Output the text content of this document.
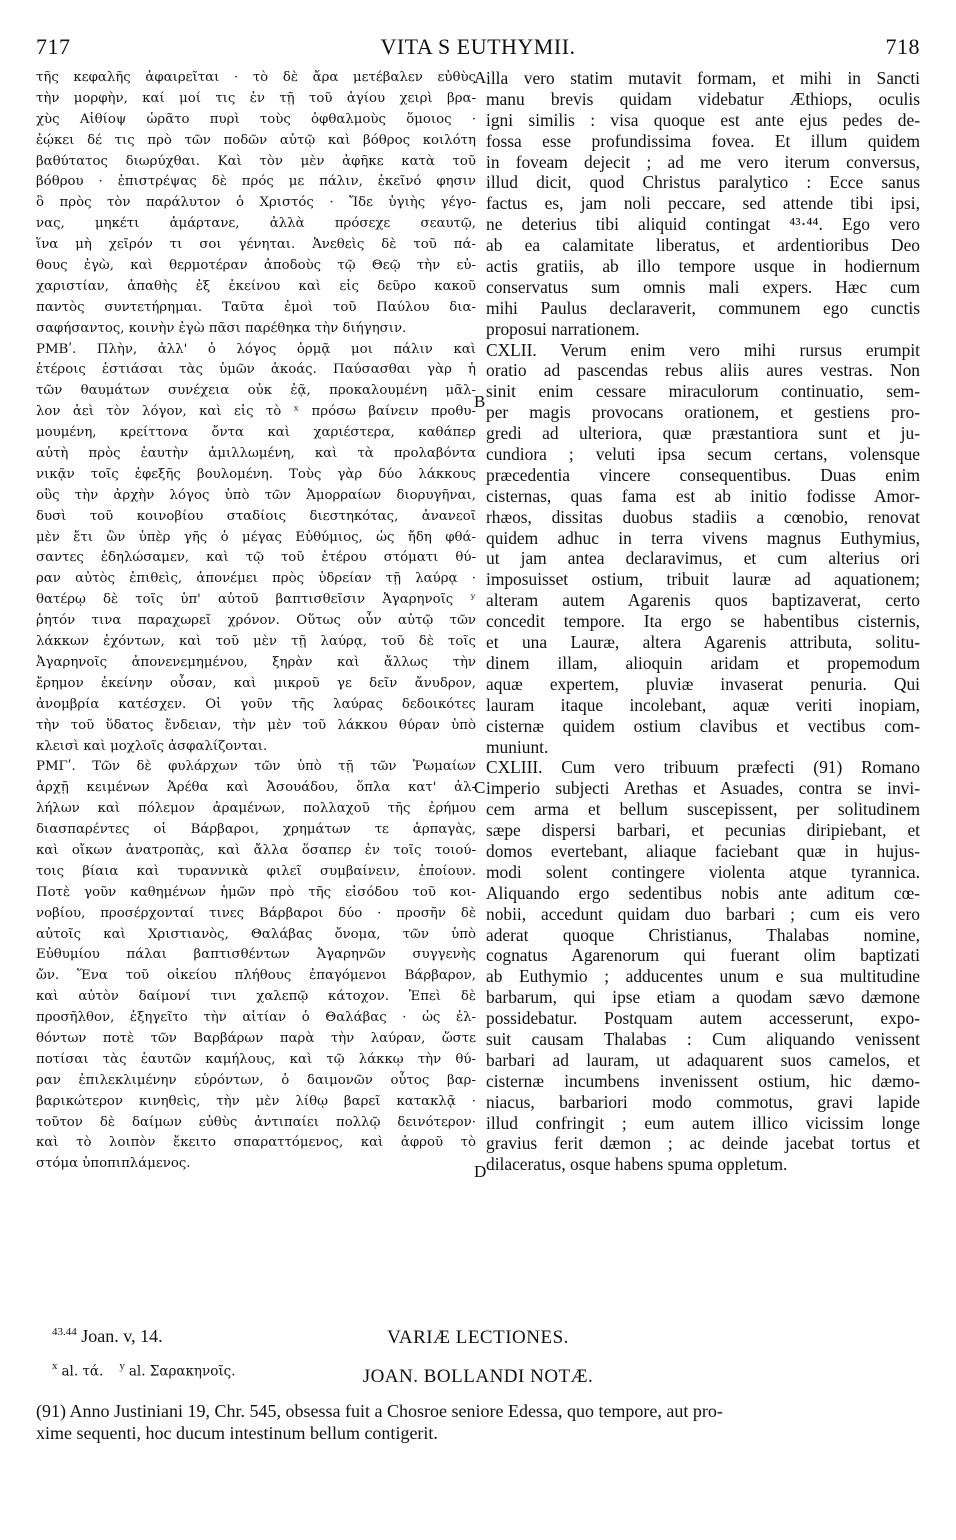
717	VITA S EUTHYMII.	718
τῆς κεφαλῆς ἀφαιρεῖται · τὸ δὲ ἄρα μετέβαλεν εὐθὺς
τὴν μορφὴν, καί μοί τις ἐν τῇ τοῦ ἁγίου χειρὶ βρα-
χὺς Αἰθίοψ ὡρᾶτο πυρὶ τοὺς ὀφθαλμοὺς ὅμοιος ·
ἐῴκει δέ τις πρὸ τῶν ποδῶν αὐτῷ καὶ βόθρος κοιλότη
βαθύτατος διωρύχθαι. Καὶ τὸν μὲν ἀφῆκε κατὰ τοῦ
βόθρου · ἐπιστρέψας δὲ πρός με πάλιν, ἐκεῖνό φησιν
ὃ πρὸς τὸν παράλυτον ὁ Χριστός · Ἴδε ὑγιὴς γέγο-
νας, μηκέτι ἁμάρτανε, ἀλλὰ πρόσεχε σεαυτῷ,
ἵνα μὴ χεῖρόν τι σοι γένηται. Ἀνεθεὶς δὲ τοῦ πά-
θους ἐγὼ, καὶ θερμοτέραν ἀποδοὺς τῷ Θεῷ τὴν εὐ-
χαριστίαν, ἀπαθὴς ἐξ ἐκείνου καὶ εἰς δεῦρο κακοῦ
παντὸς συντετήρημαι. Ταῦτα ἐμοὶ τοῦ Παύλου δια-
σαφήσαντος, κοινὴν ἐγὼ πᾶσι παρέθηκα τὴν διήγησιν.
ΡΜΒʹ. Πλὴν, ἀλλ' ὁ λόγος ὁρμᾷ μοι πάλιν καὶ
ἑτέροις ἑστιάσαι τὰς ὑμῶν ἀκοάς. Παύσασθαι γὰρ ἡ
τῶν θαυμάτων συνέχεια οὐκ ἐᾷ, προκαλουμένη μᾶλ-
λον ἀεὶ τὸν λόγον, καὶ εἰς τὸ ˣ πρόσω βαίνειν προθυ-
μουμένη, κρείττονα ὄντα καὶ χαριέστερα, καθάπερ
αὐτὴ πρὸς ἑαυτὴν ἁμιλλωμένη, καὶ τὰ προλαβόντα
νικᾷν τοῖς ἐφεξῆς βουλομένη. Τοὺς γὰρ δύο λάκκους
οὓς τὴν ἀρχὴν λόγος ὑπὸ τῶν Ἀμορραίων διορυγῆναι,
δυσὶ τοῦ κοινοβίου σταδίοις διεστηκότας, ἀνανεοῖ
μὲν ἔτι ὢν ὑπὲρ γῆς ὁ μέγας Εὐθύμιος, ὡς ἤδη φθά-
σαντες ἐδηλώσαμεν, καὶ τῷ τοῦ ἑτέρου στόματι θύ-
ραν αὐτὸς ἐπιθεὶς, ἀπονέμει πρὸς ὑδρείαν τῇ λαύρᾳ ·
θατέρῳ δὲ τοῖς ὑπ' αὐτοῦ βαπτισθεῖσιν Ἀγαρηνοῖς ʸ
ῥητόν τινα παραχωρεῖ χρόνον. Οὕτως οὖν αὐτῷ τῶν
λάκκων ἐχόντων, καὶ τοῦ μὲν τῇ λαύρᾳ, τοῦ δὲ τοῖς
Ἀγαρηνοῖς ἀπονενεμημένου, ξηρὰν καὶ ἄλλως τὴν
ἔρημον ἐκείνην οὖσαν, καὶ μικροῦ γε δεῖν ἄνυδρον,
ἀνομβρία κατέσχεν. Οἱ γοῦν τῆς λαύρας δεδοικότες
τὴν τοῦ ὕδατος ἔνδειαν, τὴν μὲν τοῦ λάκκου θύραν ὑπὸ
κλεισὶ καὶ μοχλοῖς ἀσφαλίζονται.
ΡΜΓʹ. Τῶν δὲ φυλάρχων τῶν ὑπὸ τῇ τῶν Ῥωμαίων
ἀρχῇ κειμένων Ἀρέθα καὶ Ἀσουάδου, ὅπλα κατ' ἀλ-
λήλων καὶ πόλεμον ἀραμένων, πολλαχοῦ τῆς ἐρήμου
διασπαρέντες οἱ Βάρβαροι, χρημάτων τε ἁρπαγὰς,
καὶ οἴκων ἀνατροπὰς, καὶ ἄλλα ὅσαπερ ἐν τοῖς τοιού-
τοις βίαια καὶ τυραννικὰ φιλεῖ συμβαίνειν, ἐποίουν.
Ποτὲ γοῦν καθημένων ἡμῶν πρὸ τῆς εἰσόδου τοῦ κοι-
νοβίου, προσέρχονταί τινες Βάρβαροι δύο · προσῆν δὲ
αὐτοῖς καὶ Χριστιανὸς, Θαλάβας ὄνομα, τῶν ὑπὸ
Εὐθυμίου πάλαι βαπτισθέντων Ἀγαρηνῶν συγγενὴς
ὤν. Ἕνα τοῦ οἰκείου πλήθους ἐπαγόμενοι Βάρβαρον,
καὶ αὐτὸν δαίμονί τινι χαλεπῷ κάτοχον. Ἐπεὶ δὲ
προσῆλθον, ἐξηγεῖτο τὴν αἰτίαν ὁ Θαλάβας · ὡς ἐλ-
θόντων ποτὲ τῶν Βαρβάρων παρὰ τὴν λαύραν, ὥστε
ποτίσαι τὰς ἑαυτῶν καμήλους, καὶ τῷ λάκκῳ τὴν θύ-
ραν ἐπιλεκλιμένην εὑρόντων, ὁ δαιμονῶν οὗτος βαρ-
βαρικώτερον κινηθεὶς, τὴν μὲν λίθῳ βαρεῖ κατακλᾷ ·
τοῦτον δὲ δαίμων εὐθὺς ἀντιπαίει πολλῷ δεινότερον·
καὶ τὸ λοιπὸν ἔκειτο σπαραττόμενος, καὶ ἀφροῦ τὸ
στόμα ὑποπιπλάμενος.
illa vero statim mutavit formam, et mihi in Sancti
manu brevis quidam videbatur Æthiops, oculis
igni similis : visa quoque est ante ejus pedes de-
fossa esse profundissima fovea. Et illum quidem
in foveam dejecit ; ad me vero iterum conversus,
illud dicit, quod Christus paralytico : Ecce sanus
factus es, jam noli peccare, sed attende tibi ipsi,
ne deterius tibi aliquid contingat ⁴³·⁴⁴. Ego vero
ab ea calamitate liberatus, et ardentioribus Deo
actis gratiis, ab illo tempore usque in hodiernum
conservatus sum omnis mali expers. Hæc cum
mihi Paulus declaraverit, communem ego cunctis
proposui narrationem.
CXLII. Verum enim vero mihi rursus erumpit
oratio ad pascendas rebus aliis aures vestras. Non
sinit enim cessare miraculorum continuatio, sem-
per magis provocans orationem, et gestiens pro-
gredi ad ulteriora, quæ præstantiora sunt et ju-
cundiora ; veluti ipsa secum certans, volensque
præcedentia vincere consequentibus. Duas enim
cisternas, quas fama est ab initio fodisse Amor-
rhæos, dissitas duobus stadiis a cœnobio, renovat
quidem adhuc in terra vivens magnus Euthymius,
ut jam antea declaravimus, et cum alterius ori
imposuisset ostium, tribuit lauræ ad aquationem;
alteram autem Agarenis quos baptizaverat, certo
concedit tempore. Ita ergo se habentibus cisternis,
et una Lauræ, altera Agarenis attributa, solitu-
dinem illam, alioquin aridam et propemodum
aquæ expertem, pluviæ invaserat penuria. Qui
lauram itaque incolebant, aquæ veriti inopiam,
cisternæ quidem ostium clavibus et vectibus com-
muniunt.
CXLIII. Cum vero tribuum præfecti (91) Romano
imperio subjecti Arethas et Asuades, contra se invi-
cem arma et bellum suscepissent, per solitudinem
sæpe dispersi barbari, et pecunias diripiebant, et
domos evertebant, aliaque faciebant quæ in hujus-
modi solent contingere violenta atque tyrannica.
Aliquando ergo sedentibus nobis ante aditum cœ-
nobii, accedunt quidam duo barbari ; cum eis vero
aderat quoque Christianus, Thalabas nomine,
cognatus Agarenorum qui fuerant olim baptizati
ab Euthymio ; adducentes unum e sua multitudine
barbarum, qui ipse etiam a quodam sævo dæmone
possidebatur. Postquam autem accesserunt, expo-
suit causam Thalabas : Cum aliquando venissent
barbari ad lauram, ut adaquarent suos camelos, et
cisternæ incumbens invenissent ostium, hic dæmo-
niacus, barbariori modo commotus, gravi lapide
illud confringit ; eum autem illico vicissim longe
gravius ferit dæmon ; ac deinde jacebat tortus et
dilaceratus, osque habens spuma oppletum.
A
B
C
D
$^{43.44}$ Joan. v, 14.
$^x$ al. τά. $^y$ al. Σαρακηνοῖς.
VARIÆ LECTIONES.
JOAN. BOLLANDI NOTÆ.
(91) Anno Justiniani 19, Chr. 545, obsessa fuit a Chosroe seniore Edessa, quo tempore, aut pro-
xime sequenti, hoc ducum intestinum bellum contigerit.
